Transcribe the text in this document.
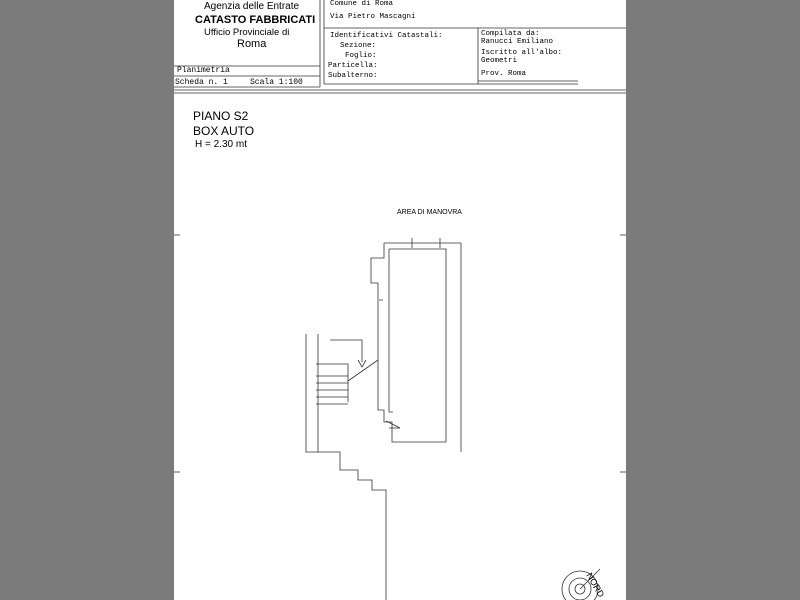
Agenzia delle Entrate
CATASTO FABBRICATI
Ufficio Provinciale di
Roma
Planimetria
Scheda n. 1	Scala 1:100
Comune di Roma
Via Pietro Mascagni
Identificativi Catastali:
Sezione:
Foglio:
Particella:
Subalterno:
Compilata da:
Ranucci Emiliano
Iscritto all'albo:
Geometri
Prov. Roma
PIANO S2
BOX AUTO
H = 2.30 mt
AREA DI MANOVRA
NORD
